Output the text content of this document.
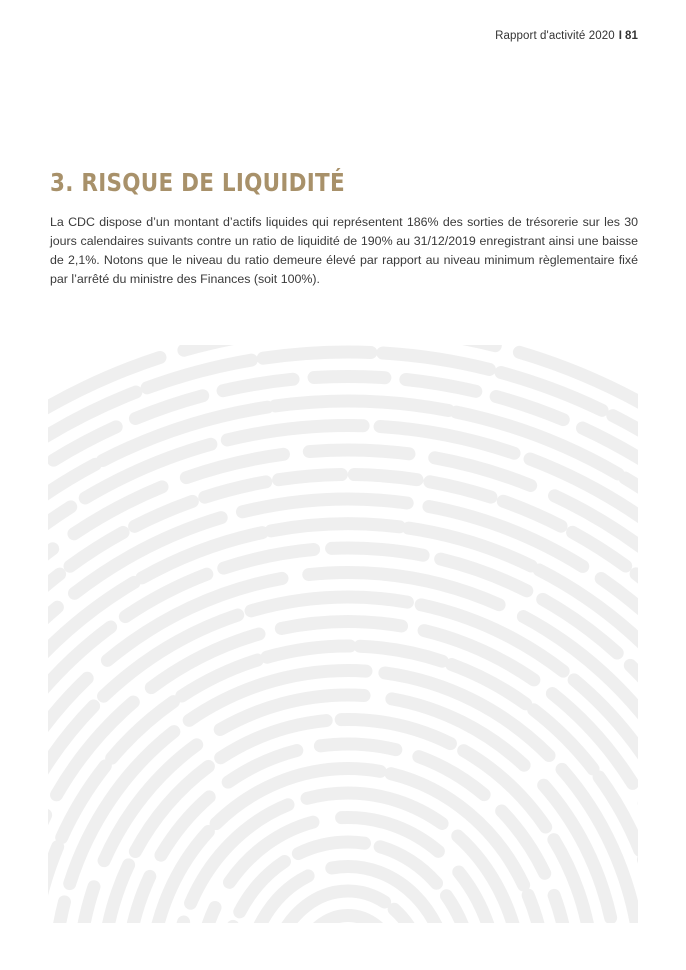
Rapport d'activité 2020 I 81
3. RISQUE DE LIQUIDITÉ

La CDC dispose d’un montant d’actifs liquides qui représentent 186% des sorties de trésorerie sur les 30 jours calendaires suivants contre un ratio de liquidité de 190% au 31/12/2019 enregistrant ainsi une baisse de 2,1%. Notons que le niveau du ratio demeure élevé par rapport au niveau minimum règlementaire fixé par l’arrêté du ministre des Finances (soit 100%).
